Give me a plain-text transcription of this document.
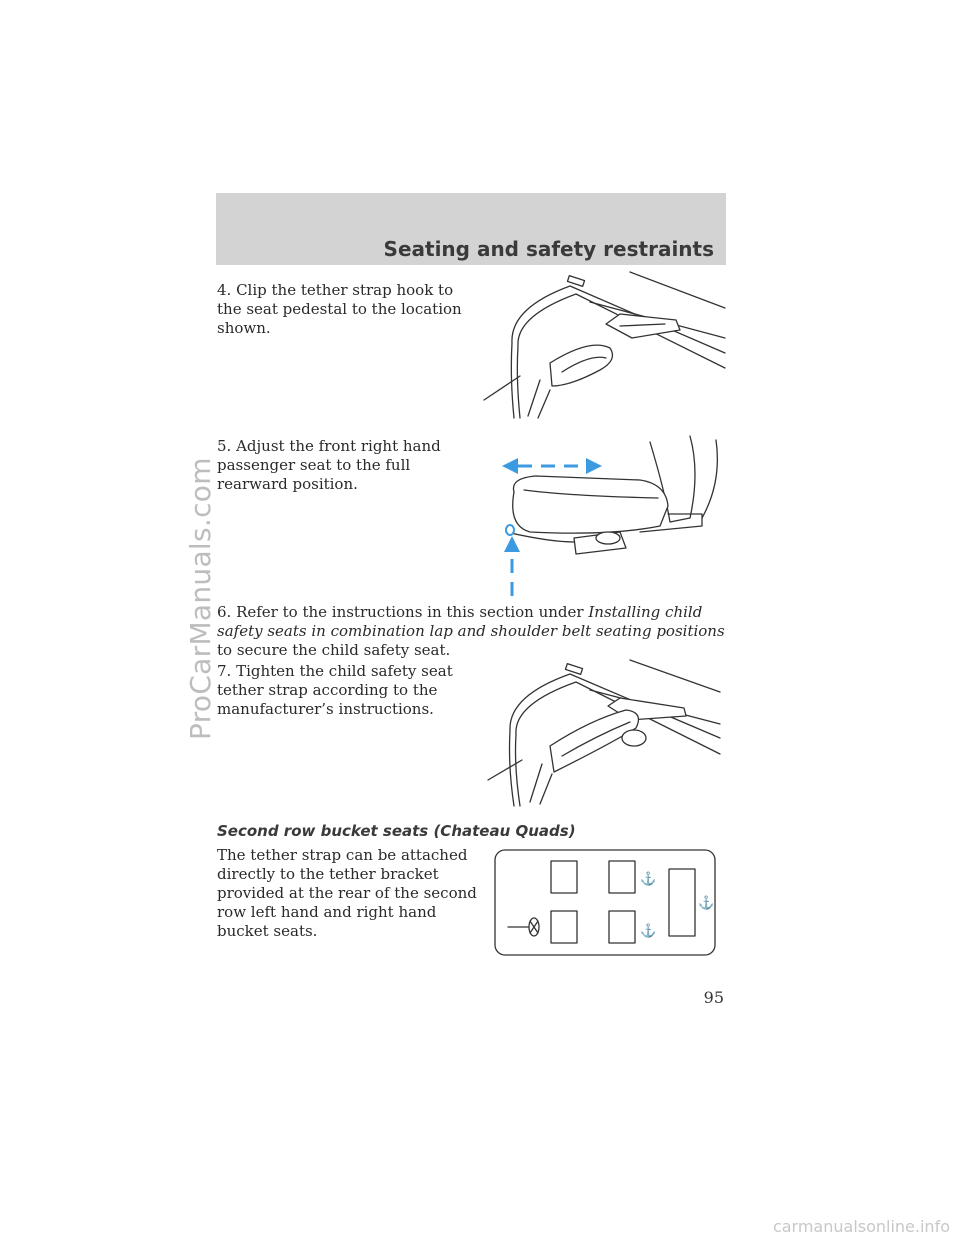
ProCarManuals.com
Seating and safety restraints

4. Clip the tether strap hook to the seat pedestal to the location shown.

5. Adjust the front right hand passenger seat to the full rearward position.

6. Refer to the instructions in this section under Installing child safety seats in combination lap and shoulder belt seating positions to secure the child safety seat.

7. Tighten the child safety seat tether strap according to the manufacturer’s instructions.

Second row bucket seats (Chateau Quads)

The tether strap can be attached directly to the tether bracket provided at the rear of the second row left hand and right hand bucket seats.

⚓
⚓
⚓
95
carmanualsonline.info
